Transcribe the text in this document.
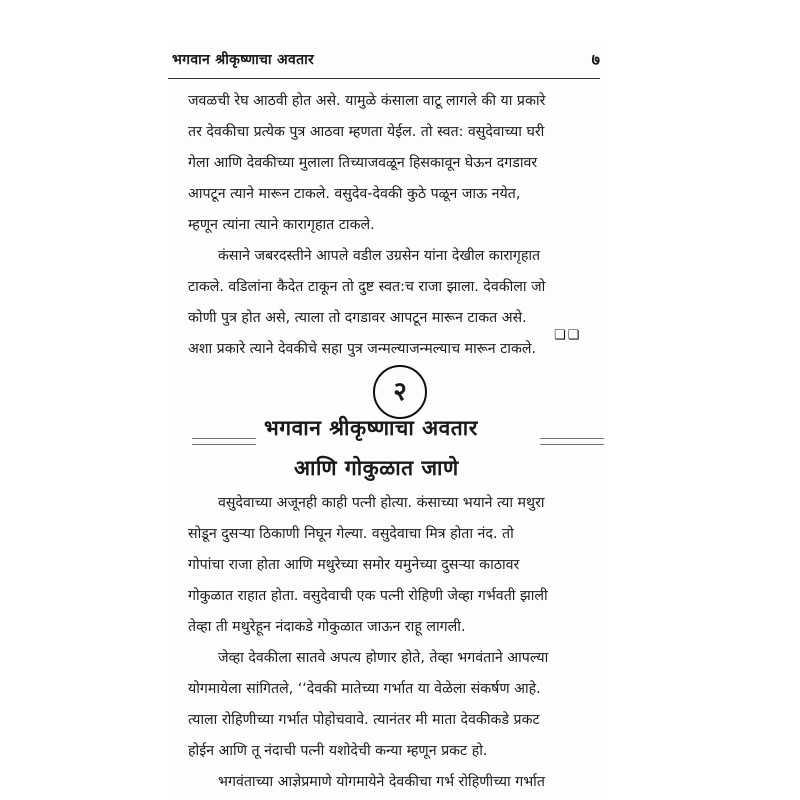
भगवान श्रीकृष्णाचा अवतार	७

जवळची रेघ आठवी होत असे. यामुळे कंसाला वाटू लागले की या प्रकारे
तर देवकीचा प्रत्येक पुत्र आठवा म्हणता येईल. तो स्वत: वसुदेवाच्या घरी
गेला आणि देवकीच्या मुलाला तिच्याजवळून हिसकावून घेऊन दगडावर
आपटून त्याने मारून टाकले. वसुदेव-देवकी कुठे पळून जाऊ नयेत,
म्हणून त्यांना त्याने कारागृहात टाकले.

कंसाने जबरदस्तीने आपले वडील उग्रसेन यांना देखील कारागृहात
टाकले. वडिलांना कैदेत टाकून तो दुष्ट स्वत:च राजा झाला. देवकीला जो
कोणी पुत्र होत असे, त्याला तो दगडावर आपटून मारून टाकत असे.
अशा प्रकारे त्याने देवकीचे सहा पुत्र जन्मल्याजन्मल्याच मारून टाकले.

❏❏
२
भगवान श्रीकृष्णाचा अवतार
आणि गोकुळात जाणे

वसुदेवाच्या अजूनही काही पत्नी होत्या. कंसाच्या भयाने त्या मथुरा
सोडून दुसऱ्या ठिकाणी निघून गेल्या. वसुदेवाचा मित्र होता नंद. तो
गोपांचा राजा होता आणि मथुरेच्या समोर यमुनेच्या दुसऱ्या काठावर
गोकुळात राहात होता. वसुदेवाची एक पत्नी रोहिणी जेव्हा गर्भवती झाली
तेव्हा ती मथुरेहून नंदाकडे गोकुळात जाऊन राहू लागली.

जेव्हा देवकीला सातवे अपत्य होणार होते, तेव्हा भगवंताने आपल्या
योगमायेला सांगितले, ‘‘देवकी मातेच्या गर्भात या वेळेला संकर्षण आहे.
त्याला रोहिणीच्या गर्भात पोहोचवावे. त्यानंतर मी माता देवकीकडे प्रकट
होईन आणि तू नंदाची पत्नी यशोदेची कन्या म्हणून प्रकट हो.

भगवंताच्या आज्ञेप्रमाणे योगमायेने देवकीचा गर्भ रोहिणीच्या गर्भात
